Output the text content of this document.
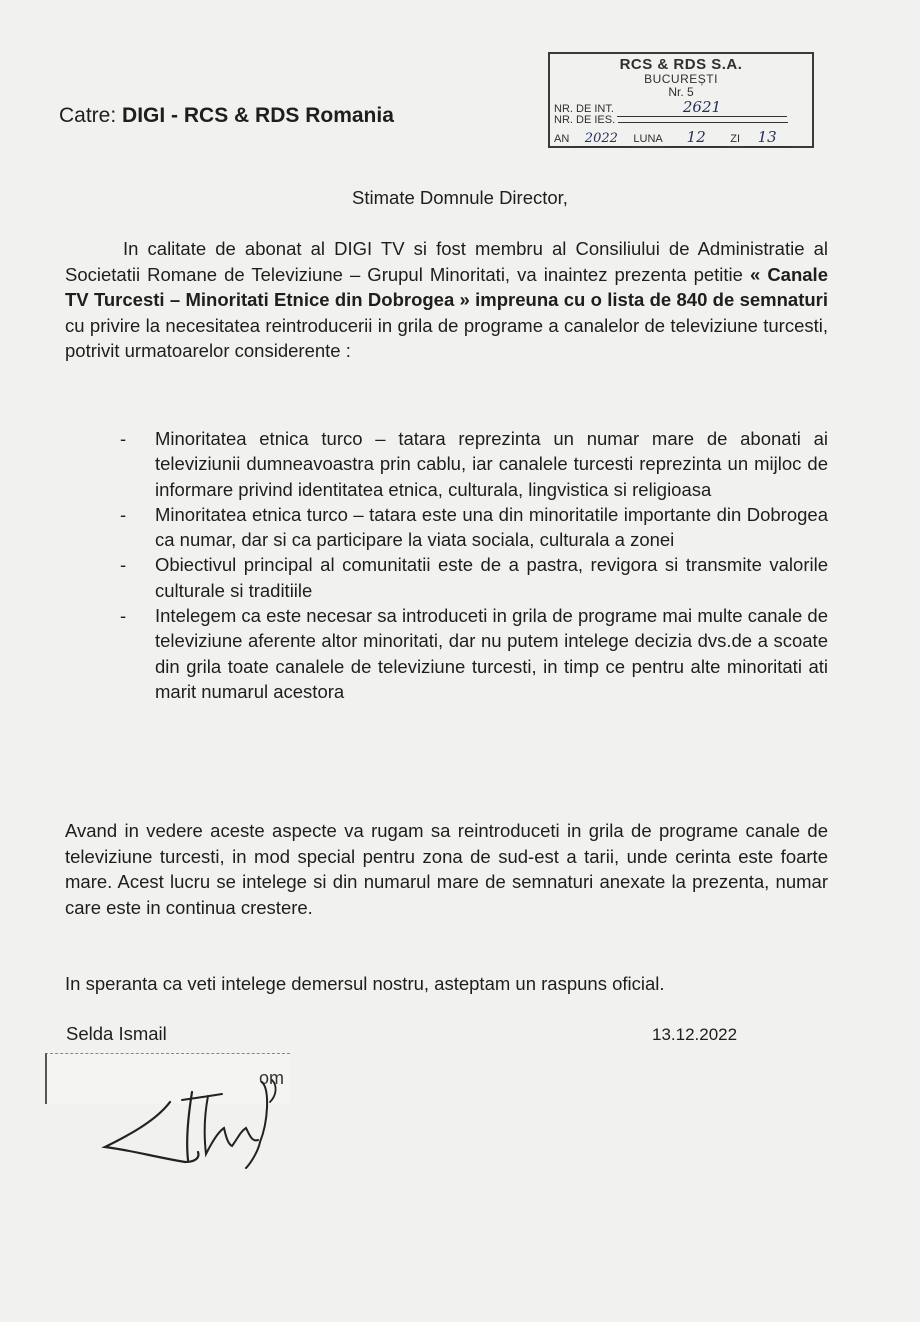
Catre: DIGI - RCS & RDS Romania
RCS & RDS S.A.
BUCUREȘTI
Nr. 5
NR. DE INT.	2621
NR. DE IES.
AN 2022 LUNA 12 ZI 13
Stimate Domnule Director,
In calitate de abonat al DIGI TV si fost membru al Consiliului de Administratie al Societatii Romane de Televiziune – Grupul Minoritati, va inaintez prezenta petitie « Canale TV Turcesti – Minoritati Etnice din Dobrogea » impreuna cu o lista de 840 de semnaturi cu privire la necesitatea reintroducerii in grila de programe a canalelor de televiziune turcesti, potrivit urmatoarelor considerente :
- Minoritatea etnica turco – tatara reprezinta un numar mare de abonati ai televiziunii dumneavoastra prin cablu, iar canalele turcesti reprezinta un mijloc de informare privind identitatea etnica, culturala, lingvistica si religioasa
- Minoritatea etnica turco – tatara este una din minoritatile importante din Dobrogea ca numar, dar si ca participare la viata sociala, culturala a zonei
- Obiectivul principal al comunitatii este de a pastra, revigora si transmite valorile culturale si traditiile
- Intelegem ca este necesar sa introduceti in grila de programe mai multe canale de televiziune aferente altor minoritati, dar nu putem intelege decizia dvs.de a scoate din grila toate canalele de televiziune turcesti, in timp ce pentru alte minoritati ati marit numarul acestora
Avand in vedere aceste aspecte va rugam sa reintroduceti in grila de programe canale de televiziune turcesti, in mod special pentru zona de sud-est a tarii, unde cerinta este foarte mare. Acest lucru se intelege si din numarul mare de semnaturi anexate la prezenta, numar care este in continua crestere.
In speranta ca veti intelege demersul nostru, asteptam un raspuns oficial.
Selda Ismail	13.12.2022
om
